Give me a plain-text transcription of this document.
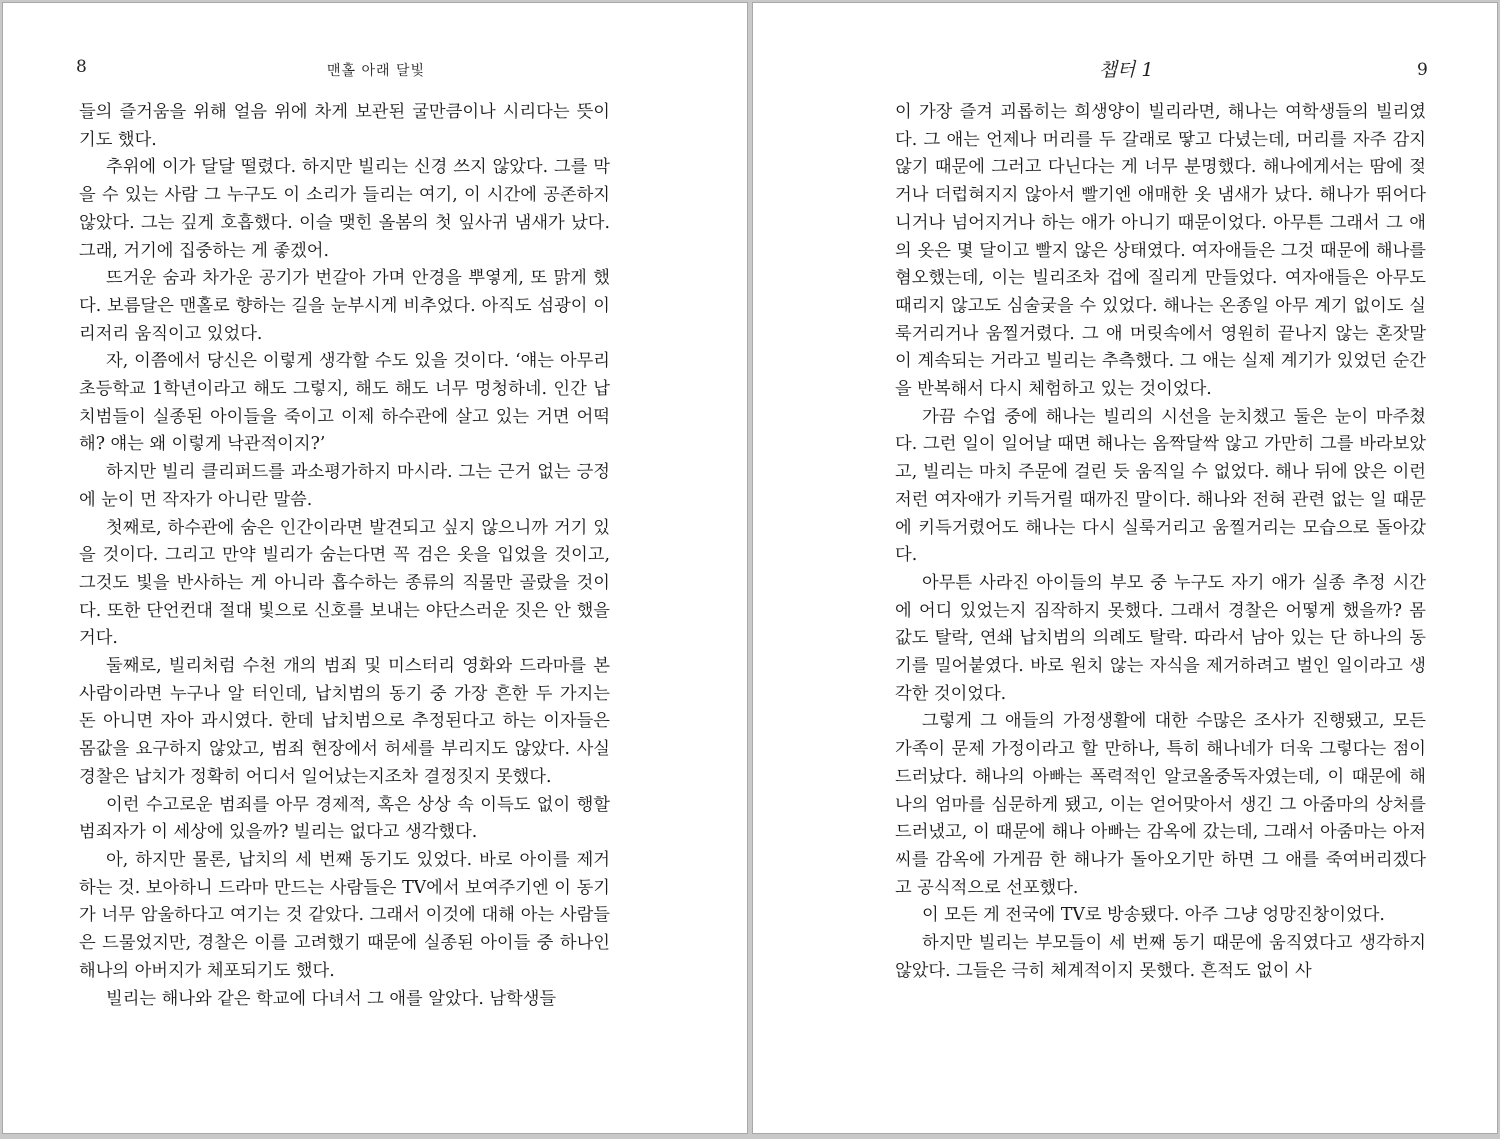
8	맨홀 아래 달빛

들의 즐거움을 위해 얼음 위에 차게 보관된 굴만큼이나 시리다는 뜻이기도 했다.

추위에 이가 달달 떨렸다. 하지만 빌리는 신경 쓰지 않았다. 그를 막을 수 있는 사람 그 누구도 이 소리가 들리는 여기, 이 시간에 공존하지 않았다. 그는 깊게 호흡했다. 이슬 맺힌 올봄의 첫 잎사귀 냄새가 났다. 그래, 거기에 집중하는 게 좋겠어.

뜨거운 숨과 차가운 공기가 번갈아 가며 안경을 뿌옇게, 또 맑게 했다. 보름달은 맨홀로 향하는 길을 눈부시게 비추었다. 아직도 섬광이 이리저리 움직이고 있었다.

자, 이쯤에서 당신은 이렇게 생각할 수도 있을 것이다. ‘얘는 아무리 초등학교 1학년이라고 해도 그렇지, 해도 해도 너무 멍청하네. 인간 납치범들이 실종된 아이들을 죽이고 이제 하수관에 살고 있는 거면 어떡해? 얘는 왜 이렇게 낙관적이지?’

하지만 빌리 클리퍼드를 과소평가하지 마시라. 그는 근거 없는 긍정에 눈이 먼 작자가 아니란 말씀.

첫째로, 하수관에 숨은 인간이라면 발견되고 싶지 않으니까 거기 있을 것이다. 그리고 만약 빌리가 숨는다면 꼭 검은 옷을 입었을 것이고, 그것도 빛을 반사하는 게 아니라 흡수하는 종류의 직물만 골랐을 것이다. 또한 단언컨대 절대 빛으로 신호를 보내는 야단스러운 짓은 안 했을 거다.

둘째로, 빌리처럼 수천 개의 범죄 및 미스터리 영화와 드라마를 본 사람이라면 누구나 알 터인데, 납치범의 동기 중 가장 흔한 두 가지는 돈 아니면 자아 과시였다. 한데 납치범으로 추정된다고 하는 이자들은 몸값을 요구하지 않았고, 범죄 현장에서 허세를 부리지도 않았다. 사실 경찰은 납치가 정확히 어디서 일어났는지조차 결정짓지 못했다.

이런 수고로운 범죄를 아무 경제적, 혹은 상상 속 이득도 없이 행할 범죄자가 이 세상에 있을까? 빌리는 없다고 생각했다.

아, 하지만 물론, 납치의 세 번째 동기도 있었다. 바로 아이를 제거하는 것. 보아하니 드라마 만드는 사람들은 TV에서 보여주기엔 이 동기가 너무 암울하다고 여기는 것 같았다. 그래서 이것에 대해 아는 사람들은 드물었지만, 경찰은 이를 고려했기 때문에 실종된 아이들 중 하나인 해나의 아버지가 체포되기도 했다.

빌리는 해나와 같은 학교에 다녀서 그 애를 알았다. 남학생들

챕터 1	9

이 가장 즐겨 괴롭히는 희생양이 빌리라면, 해나는 여학생들의 빌리였다. 그 애는 언제나 머리를 두 갈래로 땋고 다녔는데, 머리를 자주 감지 않기 때문에 그러고 다닌다는 게 너무 분명했다. 해나에게서는 땀에 젖거나 더럽혀지지 않아서 빨기엔 애매한 옷 냄새가 났다. 해나가 뛰어다니거나 넘어지거나 하는 애가 아니기 때문이었다. 아무튼 그래서 그 애의 옷은 몇 달이고 빨지 않은 상태였다. 여자애들은 그것 때문에 해나를 혐오했는데, 이는 빌리조차 겁에 질리게 만들었다. 여자애들은 아무도 때리지 않고도 심술궂을 수 있었다. 해나는 온종일 아무 계기 없이도 실룩거리거나 움찔거렸다. 그 애 머릿속에서 영원히 끝나지 않는 혼잣말이 계속되는 거라고 빌리는 추측했다. 그 애는 실제 계기가 있었던 순간을 반복해서 다시 체험하고 있는 것이었다.

가끔 수업 중에 해나는 빌리의 시선을 눈치챘고 둘은 눈이 마주쳤다. 그런 일이 일어날 때면 해나는 옴짝달싹 않고 가만히 그를 바라보았고, 빌리는 마치 주문에 걸린 듯 움직일 수 없었다. 해나 뒤에 앉은 이런저런 여자애가 키득거릴 때까진 말이다. 해나와 전혀 관련 없는 일 때문에 키득거렸어도 해나는 다시 실룩거리고 움찔거리는 모습으로 돌아갔다.

아무튼 사라진 아이들의 부모 중 누구도 자기 애가 실종 추정 시간에 어디 있었는지 짐작하지 못했다. 그래서 경찰은 어떻게 했을까? 몸값도 탈락, 연쇄 납치범의 의례도 탈락. 따라서 남아 있는 단 하나의 동기를 밀어붙였다. 바로 원치 않는 자식을 제거하려고 벌인 일이라고 생각한 것이었다.

그렇게 그 애들의 가정생활에 대한 수많은 조사가 진행됐고, 모든 가족이 문제 가정이라고 할 만하나, 특히 해나네가 더욱 그렇다는 점이 드러났다. 해나의 아빠는 폭력적인 알코올중독자였는데, 이 때문에 해나의 엄마를 심문하게 됐고, 이는 얻어맞아서 생긴 그 아줌마의 상처를 드러냈고, 이 때문에 해나 아빠는 감옥에 갔는데, 그래서 아줌마는 아저씨를 감옥에 가게끔 한 해나가 돌아오기만 하면 그 애를 죽여버리겠다고 공식적으로 선포했다.

이 모든 게 전국에 TV로 방송됐다. 아주 그냥 엉망진창이었다.

하지만 빌리는 부모들이 세 번째 동기 때문에 움직였다고 생각하지 않았다. 그들은 극히 체계적이지 못했다. 흔적도 없이 사
